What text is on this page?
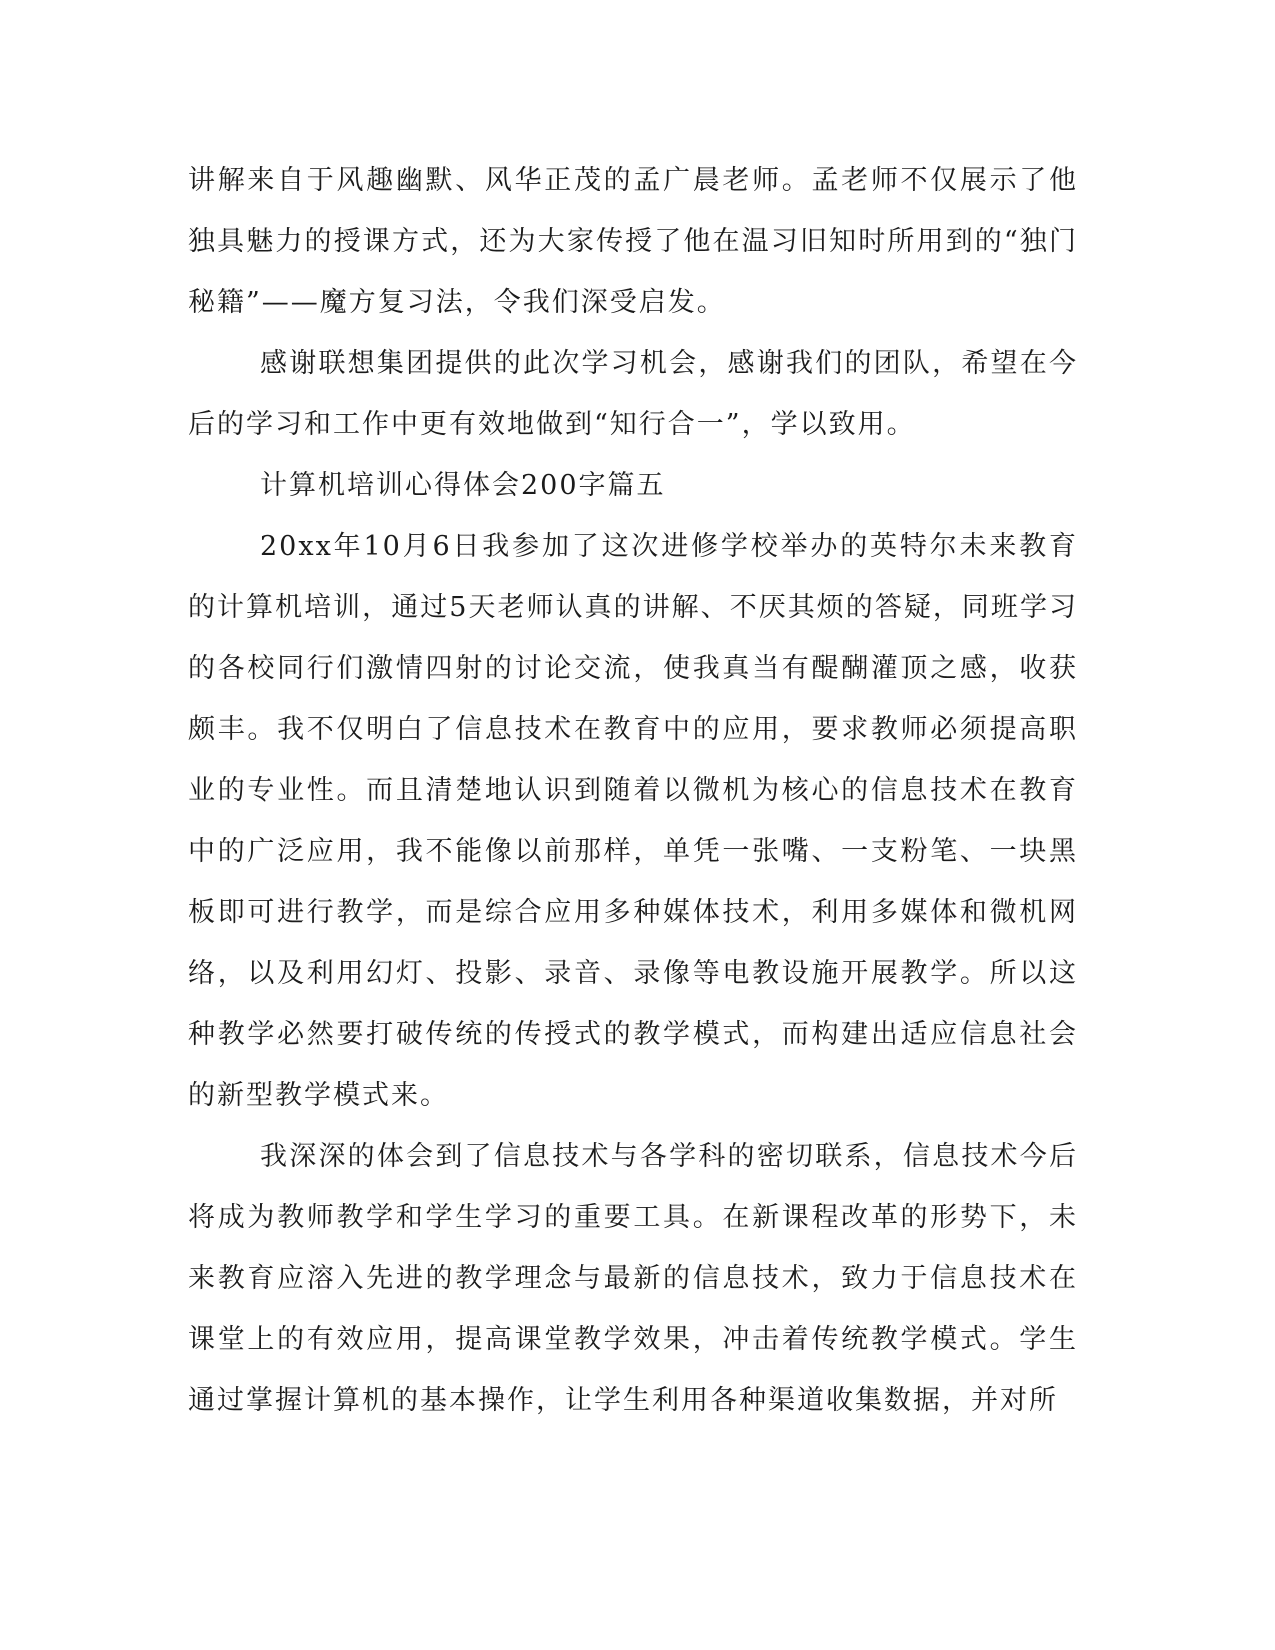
讲解来自于风趣幽默、风华正茂的孟广晨老师。孟老师不仅展示了他独具魅力的授课方式，还为大家传授了他在温习旧知时所用到的“独门秘籍”——魔方复习法，令我们深受启发。

感谢联想集团提供的此次学习机会，感谢我们的团队，希望在今后的学习和工作中更有效地做到“知行合一”，学以致用。

计算机培训心得体会200字篇五

20xx年10月6日我参加了这次进修学校举办的英特尔未来教育的计算机培训，通过5天老师认真的讲解、不厌其烦的答疑，同班学习的各校同行们激情四射的讨论交流，使我真当有醍醐灌顶之感，收获颇丰。我不仅明白了信息技术在教育中的应用，要求教师必须提高职业的专业性。而且清楚地认识到随着以微机为核心的信息技术在教育中的广泛应用，我不能像以前那样，单凭一张嘴、一支粉笔、一块黑板即可进行教学，而是综合应用多种媒体技术，利用多媒体和微机网络，以及利用幻灯、投影、录音、录像等电教设施开展教学。所以这种教学必然要打破传统的传授式的教学模式，而构建出适应信息社会的新型教学模式来。

我深深的体会到了信息技术与各学科的密切联系，信息技术今后将成为教师教学和学生学习的重要工具。在新课程改革的形势下，未来教育应溶入先进的教学理念与最新的信息技术，致力于信息技术在课堂上的有效应用，提高课堂教学效果，冲击着传统教学模式。学生通过掌握计算机的基本操作，让学生利用各种渠道收集数据，并对所
